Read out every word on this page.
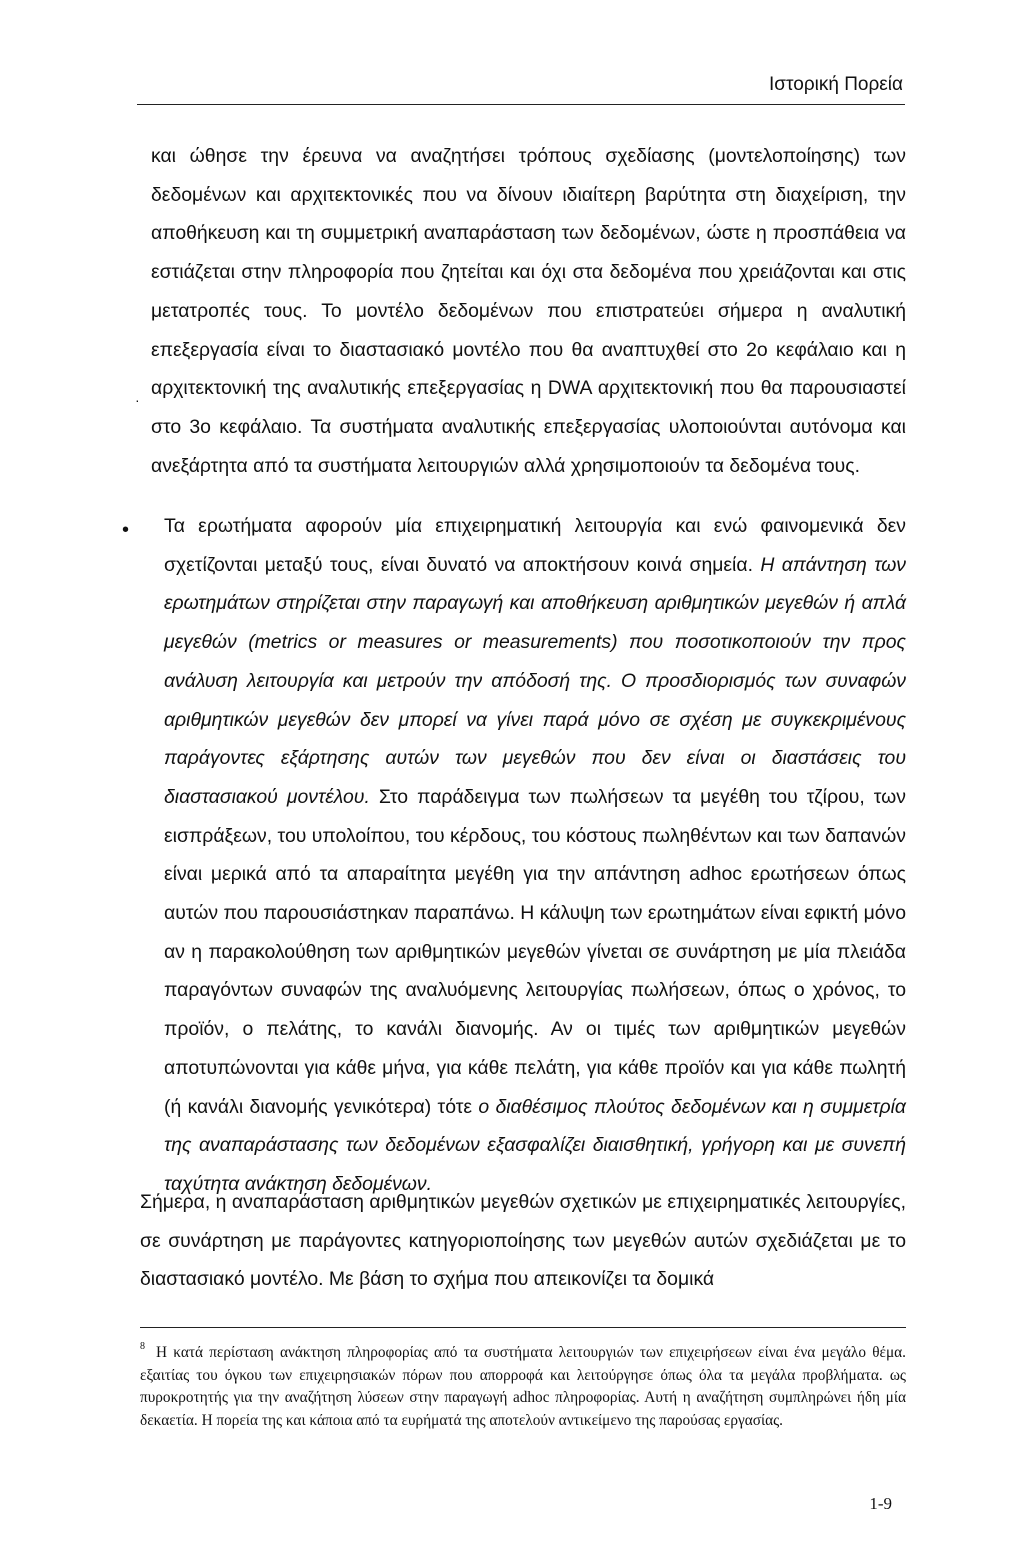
Ιστορική Πορεία
και ώθησε την έρευνα να αναζητήσει τρόπους σχεδίασης (μοντελοποίησης) των δεδομένων και αρχιτεκτονικές που να δίνουν ιδιαίτερη βαρύτητα στη διαχείριση, την αποθήκευση και τη συμμετρική αναπαράσταση των δεδομένων, ώστε η προσπάθεια να εστιάζεται στην πληροφορία που ζητείται και όχι στα δεδομένα που χρειάζονται και στις μετατροπές τους. Το μοντέλο δεδομένων που επιστρατεύει σήμερα η αναλυτική επεξεργασία είναι το διαστασιακό μοντέλο που θα αναπτυχθεί στο 2ο κεφάλαιο και η αρχιτεκτονική της αναλυτικής επεξεργασίας η DWA αρχιτεκτονική που θα παρουσιαστεί στο 3ο κεφάλαιο. Τα συστήματα αναλυτικής επεξεργασίας υλοποιούνται αυτόνομα και ανεξάρτητα από τα συστήματα λειτουργιών αλλά χρησιμοποιούν τα δεδομένα τους.
·
• Τα ερωτήματα αφορούν μία επιχειρηματική λειτουργία και ενώ φαινομενικά δεν σχετίζονται μεταξύ τους, είναι δυνατό να αποκτήσουν κοινά σημεία. Η απάντηση των ερωτημάτων στηρίζεται στην παραγωγή και αποθήκευση αριθμητικών μεγεθών ή απλά μεγεθών (metrics or measures or measurements) που ποσοτικοποιούν την προς ανάλυση λειτουργία και μετρούν την απόδοσή της. Ο προσδιορισμός των συναφών αριθμητικών μεγεθών δεν μπορεί να γίνει παρά μόνο σε σχέση με συγκεκριμένους παράγοντες εξάρτησης αυτών των μεγεθών που δεν είναι οι διαστάσεις του διαστασιακού μοντέλου. Στο παράδειγμα των πωλήσεων τα μεγέθη του τζίρου, των εισπράξεων, του υπολοίπου, του κέρδους, του κόστους πωληθέντων και των δαπανών είναι μερικά από τα απαραίτητα μεγέθη για την απάντηση adhoc ερωτήσεων όπως αυτών που παρουσιάστηκαν παραπάνω. Η κάλυψη των ερωτημάτων είναι εφικτή μόνο αν η παρακολούθηση των αριθμητικών μεγεθών γίνεται σε συνάρτηση με μία πλειάδα παραγόντων συναφών της αναλυόμενης λειτουργίας πωλήσεων, όπως ο χρόνος, το προϊόν, ο πελάτης, το κανάλι διανομής. Αν οι τιμές των αριθμητικών μεγεθών αποτυπώνονται για κάθε μήνα, για κάθε πελάτη, για κάθε προϊόν και για κάθε πωλητή (ή κανάλι διανομής γενικότερα) τότε ο διαθέσιμος πλούτος δεδομένων και η συμμετρία της αναπαράστασης των δεδομένων εξασφαλίζει διαισθητική, γρήγορη και με συνεπή ταχύτητα ανάκτηση δεδομένων.
Σήμερα, η αναπαράσταση αριθμητικών μεγεθών σχετικών με επιχειρηματικές λειτουργίες, σε συνάρτηση με παράγοντες κατηγοριοποίησης των μεγεθών αυτών σχεδιάζεται με το διαστασιακό μοντέλο. Με βάση το σχήμα που απεικονίζει τα δομικά
8 Η κατά περίσταση ανάκτηση πληροφορίας από τα συστήματα λειτουργιών των επιχειρήσεων είναι ένα μεγάλο θέμα. εξαιτίας του όγκου των επιχειρησιακών πόρων που απορροφά και λειτούργησε όπως όλα τα μεγάλα προβλήματα. ως πυροκροτητής για την αναζήτηση λύσεων στην παραγωγή adhoc πληροφορίας. Αυτή η αναζήτηση συμπληρώνει ήδη μία δεκαετία. Η πορεία της και κάποια από τα ευρήματά της αποτελούν αντικείμενο της παρούσας εργασίας.
1-9
